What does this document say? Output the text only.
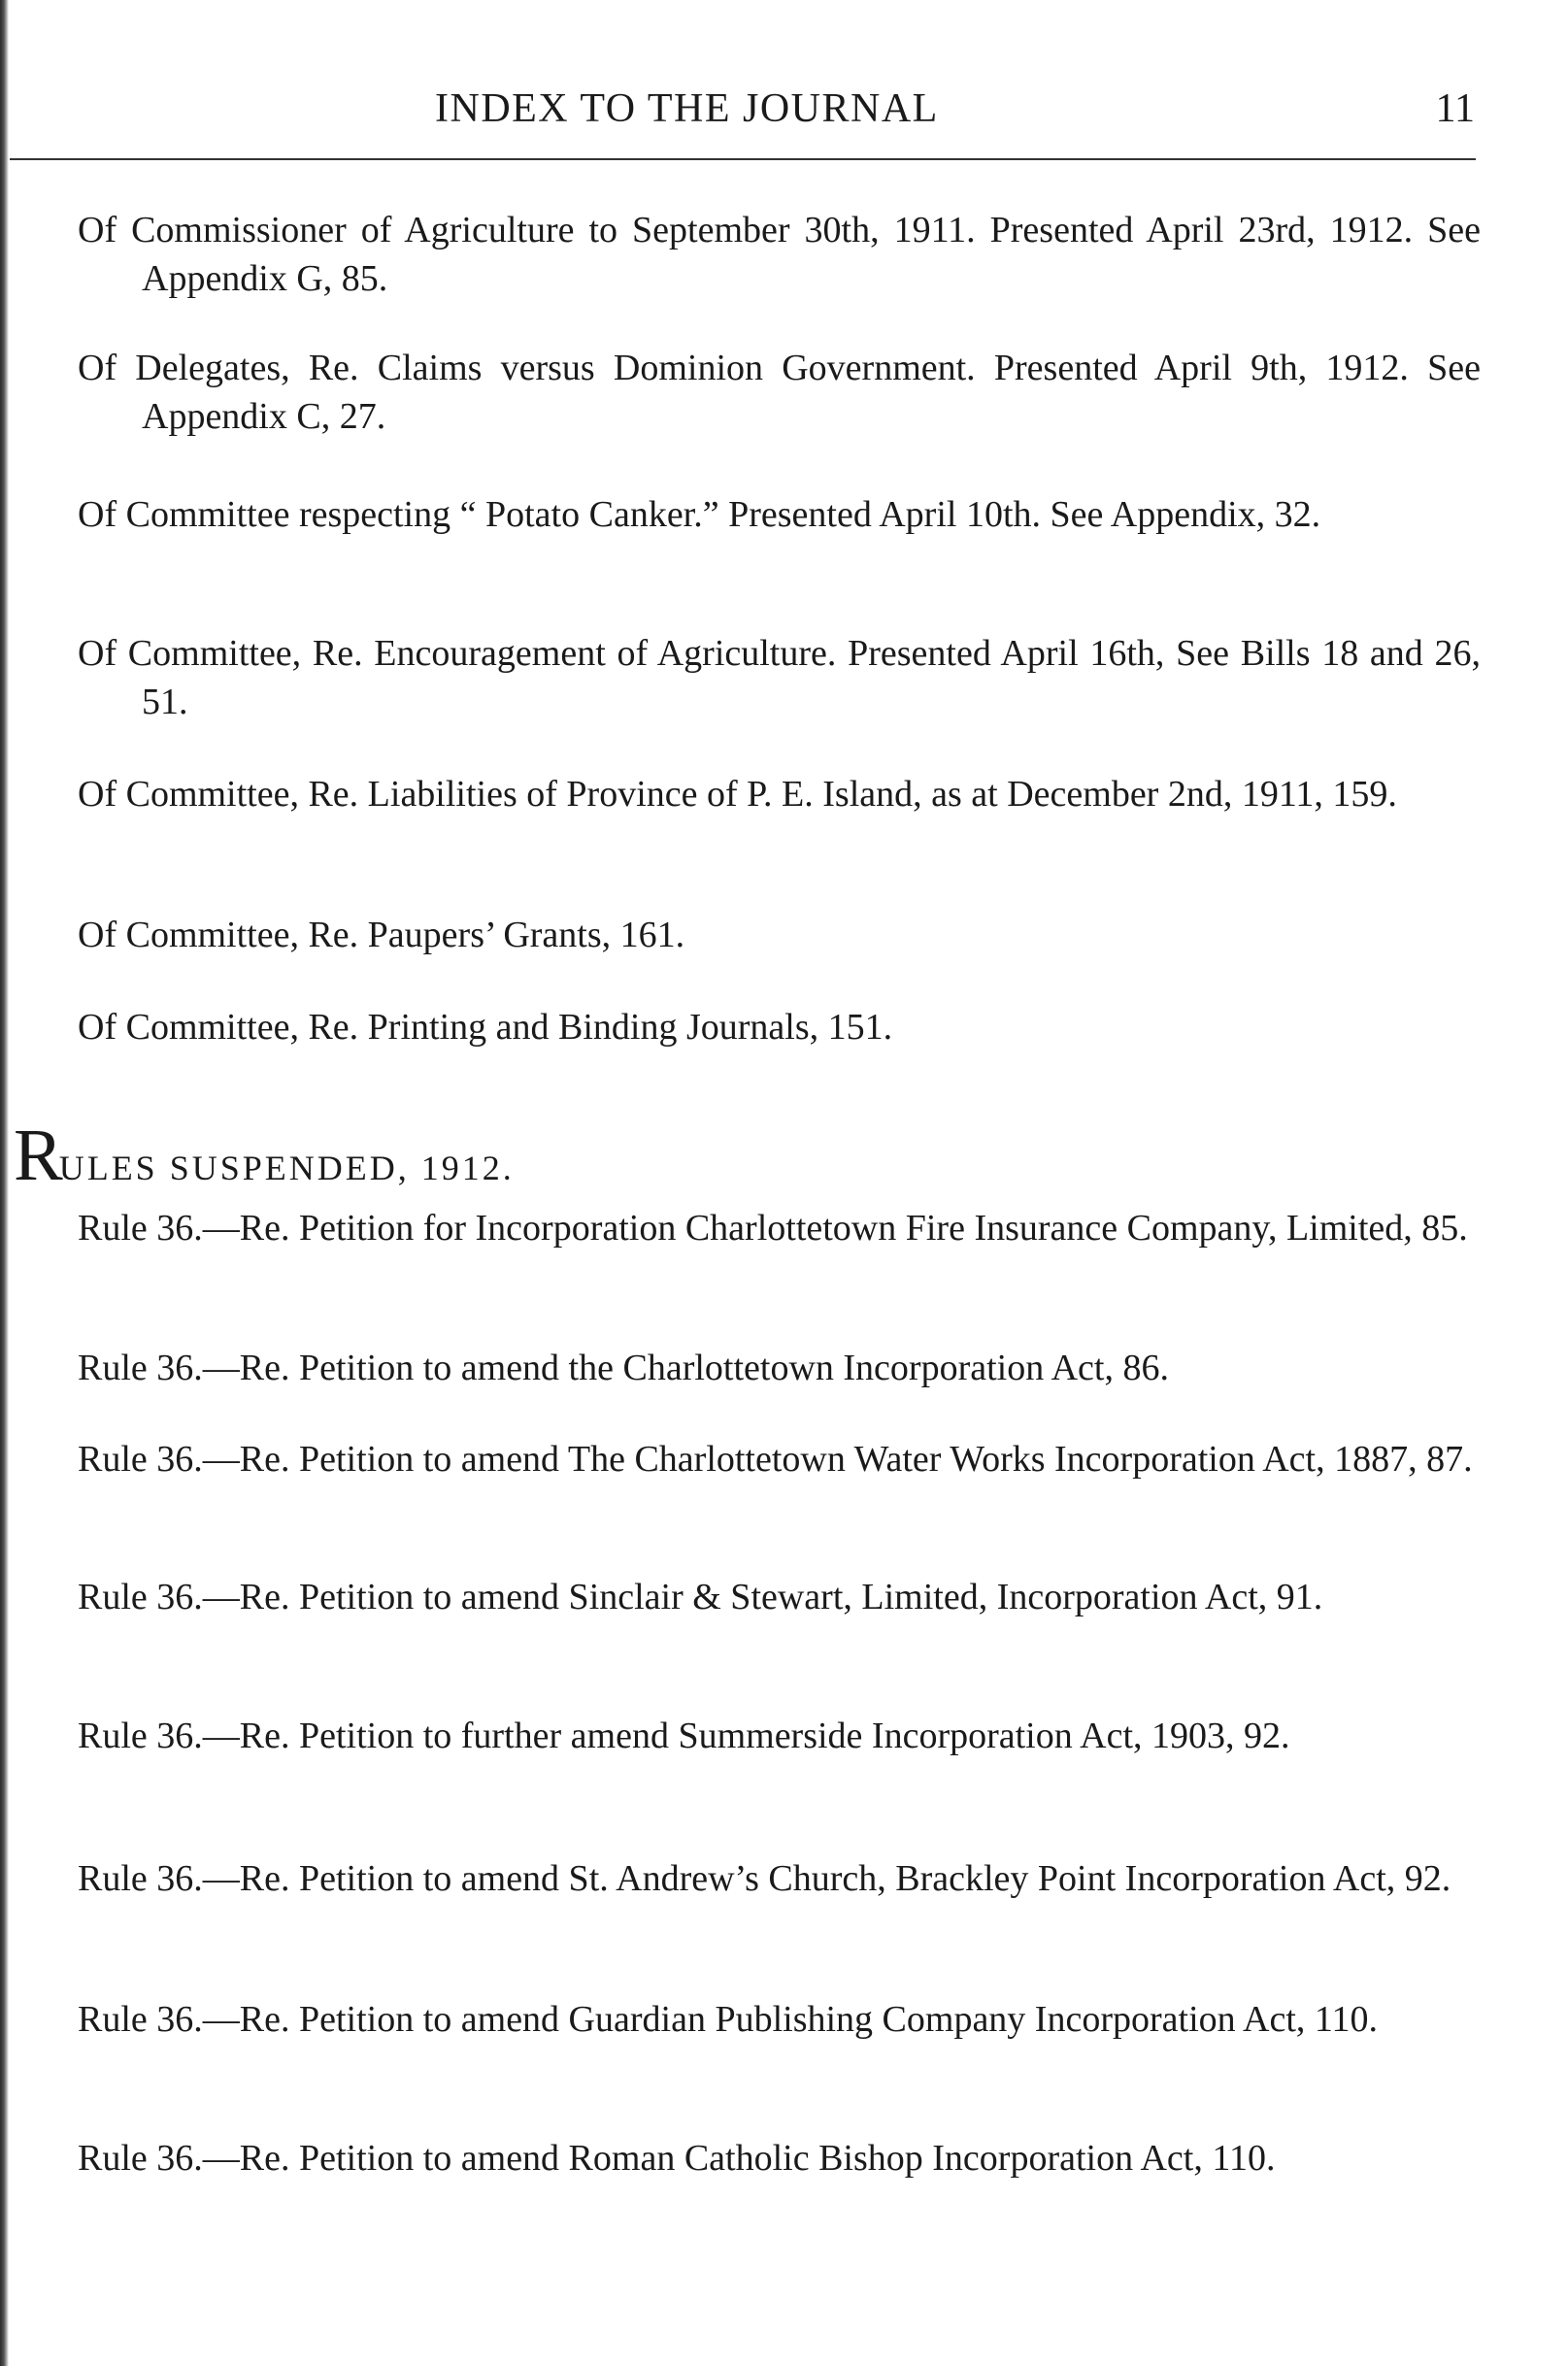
INDEX TO THE JOURNAL	11
Of Commissioner of Agriculture to September 30th, 1911. Presented April 23rd, 1912. See Appendix G, 85.
Of Delegates, Re. Claims versus Dominion Government. Presented April 9th, 1912. See Appendix C, 27.
Of Committee respecting “ Potato Canker.” Presented April 10th. See Appendix, 32.
Of Committee, Re. Encouragement of Agriculture. Presented April 16th, See Bills 18 and 26, 51.
Of Committee, Re. Liabilities of Province of P. E. Island, as at December 2nd, 1911, 159.
Of Committee, Re. Paupers’ Grants, 161.
Of Committee, Re. Printing and Binding Journals, 151.
RULES SUSPENDED, 1912.
Rule 36.—Re. Petition for Incorporation Charlottetown Fire Insurance Company, Limited, 85.
Rule 36.—Re. Petition to amend the Charlottetown Incorporation Act, 86.
Rule 36.—Re. Petition to amend The Charlottetown Water Works Incorporation Act, 1887, 87.
Rule 36.—Re. Petition to amend Sinclair & Stewart, Limited, Incorporation Act, 91.
Rule 36.—Re. Petition to further amend Summerside Incorporation Act, 1903, 92.
Rule 36.—Re. Petition to amend St. Andrew’s Church, Brackley Point Incorporation Act, 92.
Rule 36.—Re. Petition to amend Guardian Publishing Company Incorporation Act, 110.
Rule 36.—Re. Petition to amend Roman Catholic Bishop Incorporation Act, 110.
